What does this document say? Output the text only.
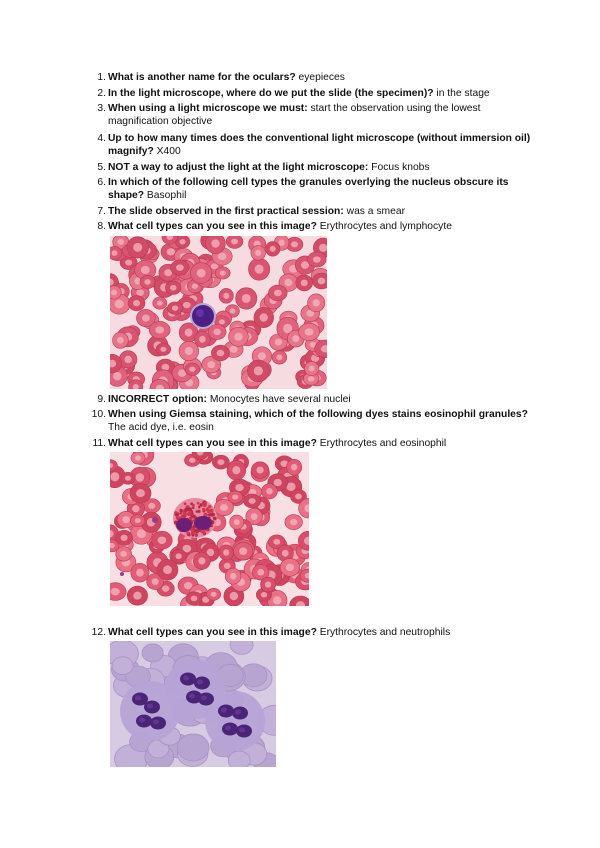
1. What is another name for the oculars? eyepieces
2. In the light microscope, where do we put the slide (the specimen)? in the stage
3. When using a light microscope we must: start the observation using the lowest magnification objective
4. Up to how many times does the conventional light microscope (without immersion oil) magnify? X400
5. NOT a way to adjust the light at the light microscope: Focus knobs
6. In which of the following cell types the granules overlying the nucleus obscure its shape? Basophil
7. The slide observed in the first practical session: was a smear
8. What cell types can you see in this image? Erythrocytes and lymphocyte
9. INCORRECT option: Monocytes have several nuclei
10. When using Giemsa staining, which of the following dyes stains eosinophil granules? The acid dye, i.e. eosin
11. What cell types can you see in this image? Erythrocytes and eosinophil
12. What cell types can you see in this image? Erythrocytes and neutrophils
